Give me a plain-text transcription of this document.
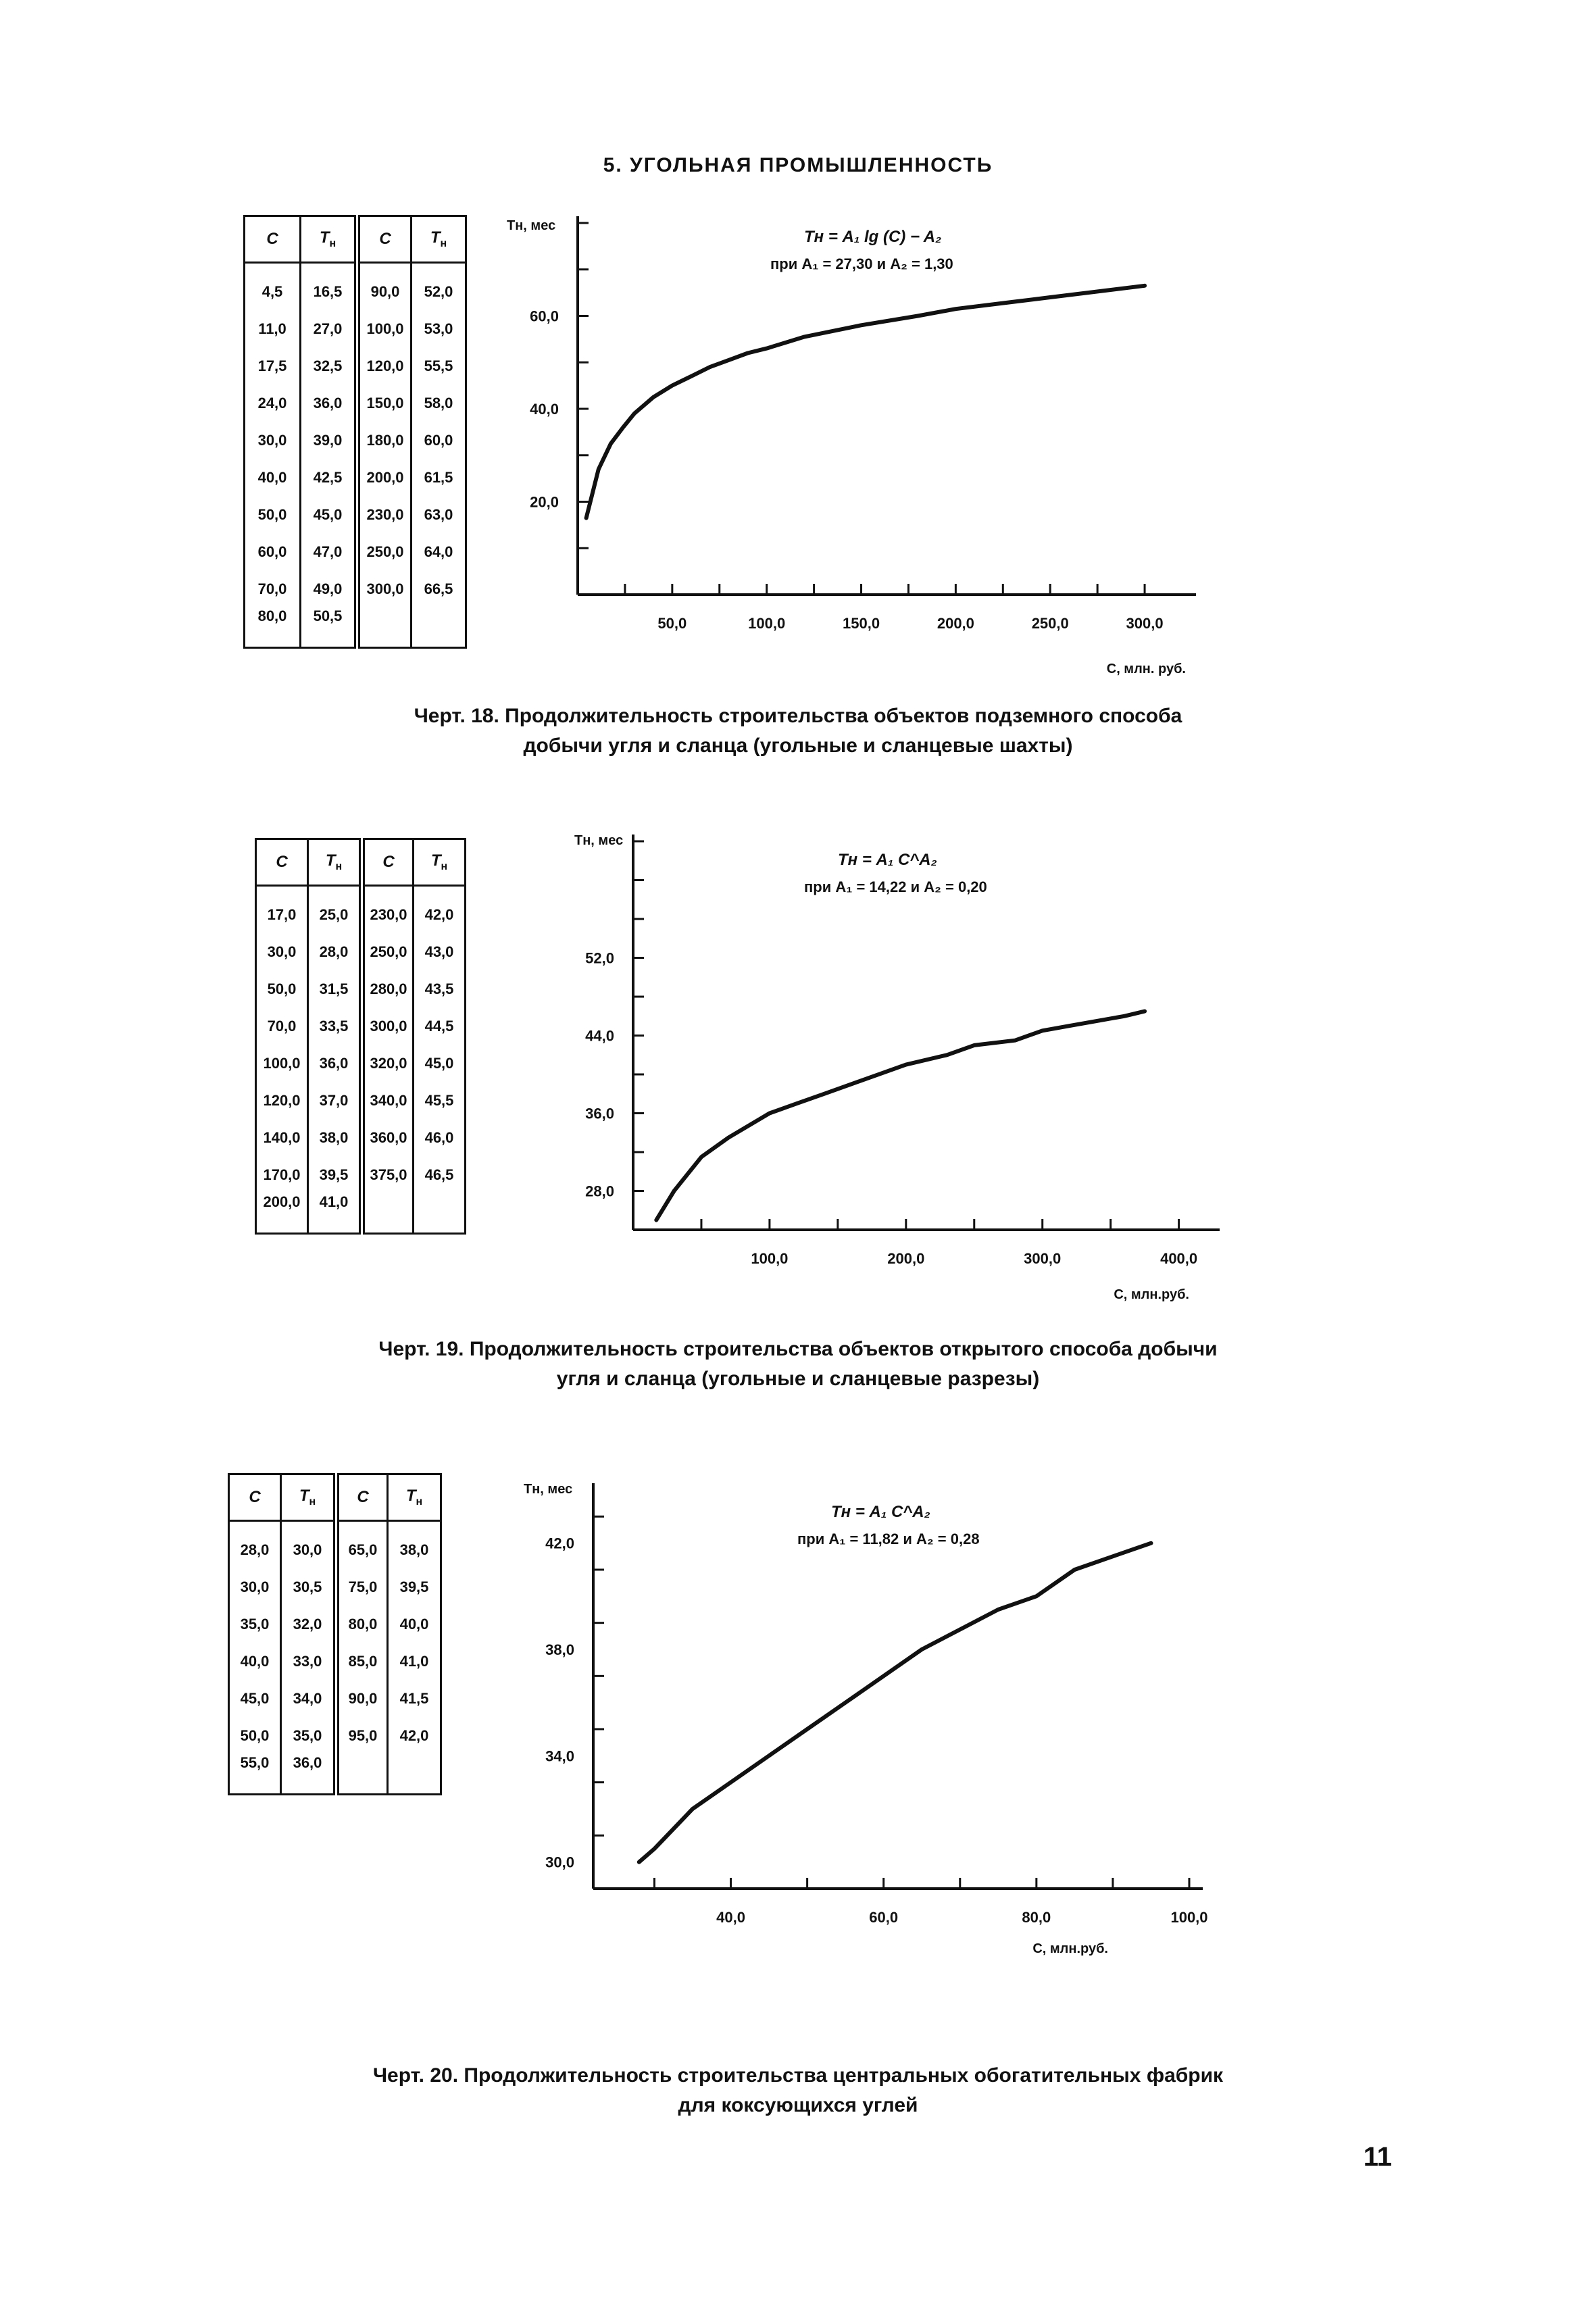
5. УГОЛЬНАЯ ПРОМЫШЛЕННОСТЬ
C	$T_н$	C	$T_н$
4,5	16,5	90,0	52,0
11,0	27,0	100,0	53,0
17,5	32,5	120,0	55,5
24,0	36,0	150,0	58,0
30,0	39,0	180,0	60,0
40,0	42,5	200,0	61,5
50,0	45,0	230,0	63,0
60,0	47,0	250,0	64,0
70,0	49,0	300,0	66,5
80,0	50,5		
20,0
40,0
60,0
50,0	100,0	150,0	200,0	250,0	300,0
Tн, мес
C, млн. руб.
Tн = A₁ lg (C) − A₂
при A₁ = 27,30 и A₂ = 1,30
Черт. 18. Продолжительность строительства объектов подземного способа
добычи угля и сланца (угольные и сланцевые шахты)
C	$T_н$	C	$T_н$
17,0	25,0	230,0	42,0
30,0	28,0	250,0	43,0
50,0	31,5	280,0	43,5
70,0	33,5	300,0	44,5
100,0	36,0	320,0	45,0
120,0	37,0	340,0	45,5
140,0	38,0	360,0	46,0
170,0	39,5	375,0	46,5
200,0	41,0		
28,0
36,0
44,0
52,0
100,0	200,0	300,0	400,0
Tн, мес
C, млн.руб.
Tн = A₁ C^A₂
при A₁ = 14,22 и A₂ = 0,20
Черт. 19. Продолжительность строительства объектов открытого способа добычи
угля и сланца (угольные и сланцевые разрезы)
C	$T_н$	C	$T_н$
28,0	30,0	65,0	38,0
30,0	30,5	75,0	39,5
35,0	32,0	80,0	40,0
40,0	33,0	85,0	41,0
45,0	34,0	90,0	41,5
50,0	35,0	95,0	42,0
55,0	36,0		
30,0
34,0
38,0
42,0
40,0	60,0	80,0	100,0
Tн, мес
C, млн.руб.
Tн = A₁ C^A₂
при A₁ = 11,82 и A₂ = 0,28
Черт. 20. Продолжительность строительства центральных обогатительных фабрик
для коксующихся углей
11
